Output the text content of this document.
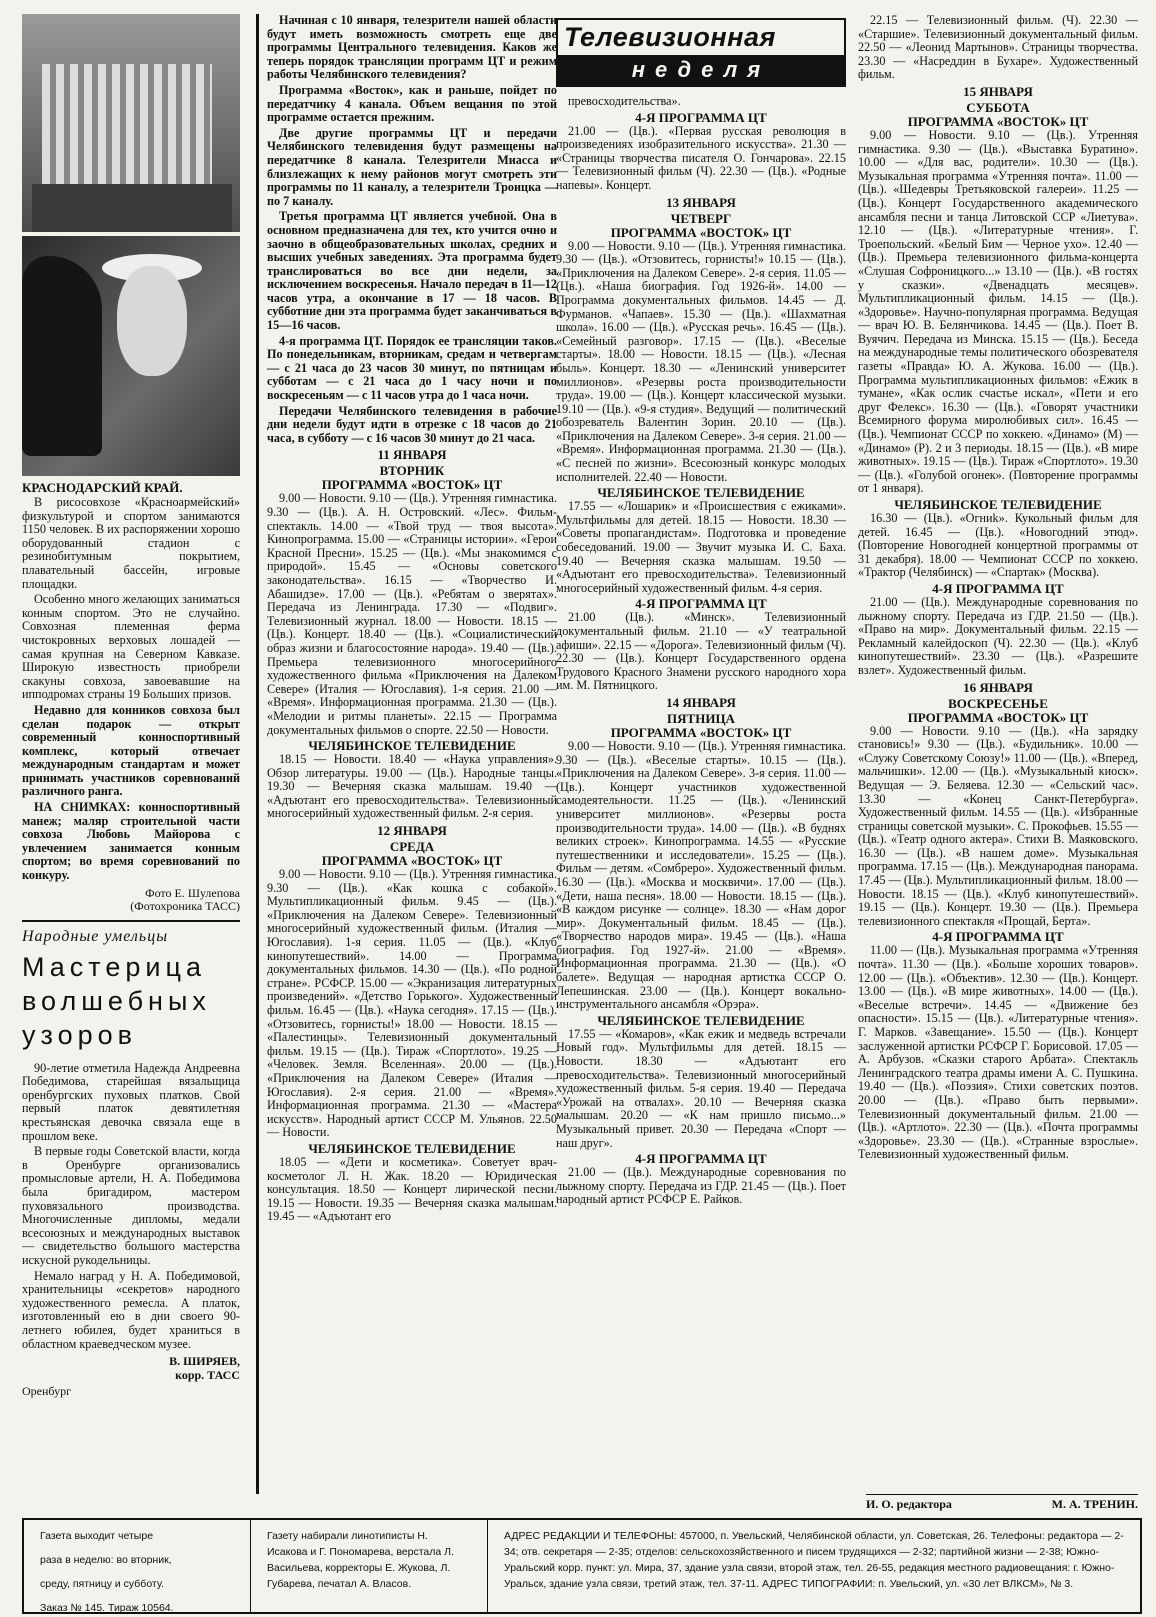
КРАСНОДАРСКИЙ КРАЙ.

В рисосовхозе «Красноармейский» физкультурой и спортом занимаются 1150 человек. В их распоряжении хорошо оборудованный стадион с резинобитумным покрытием, плавательный бассейн, игровые площадки.

Особенно много желающих заниматься конным спортом. Это не случайно. Совхозная племенная ферма чистокровных верховых лошадей — самая крупная на Северном Кавказе. Широкую известность приобрели скакуны совхоза, завоевавшие на ипподромах страны 19 Больших призов.

Недавно для конников совхоза был сделан подарок — открыт современный конноспортивный комплекс, который отвечает международным стандартам и может принимать участников соревнований различного ранга.

НА СНИМКАХ: конноспортивный манеж; маляр строительной части совхоза Любовь Майорова с увлечением занимается конным спортом; во время соревнований по конкуру.

Фото Е. Шулепова
(Фотохроника ТАСС)
Народные умельцы
Мастерица
волшебных
узоров

90-летие отметила Надежда Андреевна Победимова, старейшая вязальщица оренбургских пуховых платков. Свой первый платок девятилетняя крестьянская девочка связала еще в прошлом веке.

В первые годы Советской власти, когда в Оренбурге организовались промысловые артели, Н. А. Победимова была бригадиром, мастером пуховязального производства. Многочисленные дипломы, медали всесоюзных и международных выставок — свидетельство большого мастерства искусной рукодельницы.

Немало наград у Н. А. Победимовой, хранительницы «секретов» народного художественного ремесла. А платок, изготовленный ею в дни своего 90-летнего юбилея, будет храниться в областном краеведческом музее.

В. ШИРЯЕВ,
корр. ТАСС
Оренбург

Начиная с 10 января, телезрители нашей области будут иметь возможность смотреть еще две программы Центрального телевидения. Каков же теперь порядок трансляции программ ЦТ и режим работы Челябинского телевидения?

Программа «Восток», как и раньше, пойдет по передатчику 4 канала. Объем вещания по этой программе остается прежним.

Две другие программы ЦТ и передачи Челябинского телевидения будут размещены на передатчике 8 канала. Телезрители Миасса и близлежащих к нему районов могут смотреть эти программы по 11 каналу, а телезрители Троицка — по 7 каналу.

Третья программа ЦТ является учебной. Она в основном предназначена для тех, кто учится очно и заочно в общеобразовательных школах, средних и высших учебных заведениях. Эта программа будет транслироваться во все дни недели, за исключением воскресенья. Начало передач в 11—12 часов утра, а окончание в 17 — 18 часов. В субботние дни эта программа будет заканчиваться в 15—16 часов.

4-я программа ЦТ. Порядок ее трансляции таков. По понедельникам, вторникам, средам и четвергам — с 21 часа до 23 часов 30 минут, по пятницам и субботам — с 21 часа до 1 часу ночи и по воскресеньям — с 11 часов утра до 1 часа ночи.

Передачи Челябинского телевидения в рабочие дни недели будут идти в отрезке с 18 часов до 21 часа, в субботу — с 16 часов 30 минут до 21 часа.

11 ЯНВАРЯ
ВТОРНИК
ПРОГРАММА «ВОСТОК» ЦТ

9.00 — Новости. 9.10 — (Цв.). Утренняя гимнастика. 9.30 — (Цв.). А. Н. Островский. «Лес». Фильм-спектакль. 14.00 — «Твой труд — твоя высота». Кинопрограмма. 15.00 — «Страницы истории». «Герои Красной Пресни». 15.25 — (Цв.). «Мы знакомимся с природой». 15.45 — «Основы советского законодательства». 16.15 — «Творчество И. Абашидзе». 17.00 — (Цв.). «Ребятам о зверятах». Передача из Ленинграда. 17.30 — «Подвиг». Телевизионный журнал. 18.00 — Новости. 18.15 — (Цв.). Концерт. 18.40 — (Цв.). «Социалистический образ жизни и благосостояние народа». 19.40 — (Цв.). Премьера телевизионного многосерийного художественного фильма «Приключения на Далеком Севере» (Италия — Югославия). 1-я серия. 21.00 — «Время». Информационная программа. 21.30 — (Цв.). «Мелодии и ритмы планеты». 22.15 — Программа документальных фильмов о спорте. 22.50 — Новости.

ЧЕЛЯБИНСКОЕ ТЕЛЕВИДЕНИЕ

18.15 — Новости. 18.40 — «Наука управления». Обзор литературы. 19.00 — (Цв.). Народные танцы. 19.30 — Вечерняя сказка малышам. 19.40 — «Адъютант его превосходительства». Телевизионный многосерийный художественный фильм. 2-я серия.

12 ЯНВАРЯ
СРЕДА
ПРОГРАММА «ВОСТОК» ЦТ

9.00 — Новости. 9.10 — (Цв.). Утренняя гимнастика. 9.30 — (Цв.). «Как кошка с собакой». Мультипликационный фильм. 9.45 — (Цв.). «Приключения на Далеком Севере». Телевизионный многосерийный художественный фильм. (Италия — Югославия). 1-я серия. 11.05 — (Цв.). «Клуб кинопутешествий». 14.00 — Программа документальных фильмов. 14.30 — (Цв.). «По родной стране». РСФСР. 15.00 — «Экранизация литературных произведений». «Детство Горького». Художественный фильм. 16.45 — (Цв.). «Наука сегодня». 17.15 — (Цв.). «Отзовитесь, горнисты!» 18.00 — Новости. 18.15 — «Палестинцы». Телевизионный документальный фильм. 19.15 — (Цв.). Тираж «Спортлото». 19.25 — «Человек. Земля. Вселенная». 20.00 — (Цв.). «Приключения на Далеком Севере» (Италия — Югославия). 2-я серия. 21.00 — «Время». Информационная программа. 21.30 — «Мастера искусств». Народный артист СССР М. Ульянов. 22.50 — Новости.

ЧЕЛЯБИНСКОЕ ТЕЛЕВИДЕНИЕ

18.05 — «Дети и косметика». Советует врач-косметолог Л. Н. Жак. 18.20 — Юридическая консультация. 18.50 — Концерт лирической песни. 19.15 — Новости. 19.35 — Вечерняя сказка малышам. 19.45 — «Адъютант его

Телевизионная
неделя

превосходительства».

4-Я ПРОГРАММА ЦТ

21.00 — (Цв.). «Первая русская революция в произведениях изобразительного искусства». 21.30 — «Страницы творчества писателя О. Гончарова». 22.15 — Телевизионный фильм (Ч). 22.30 — (Цв.). «Родные напевы». Концерт.

13 ЯНВАРЯ
ЧЕТВЕРГ
ПРОГРАММА «ВОСТОК» ЦТ

9.00 — Новости. 9.10 — (Цв.). Утренняя гимнастика. 9.30 — (Цв.). «Отзовитесь, горнисты!» 10.15 — (Цв.). «Приключения на Далеком Севере». 2-я серия. 11.05 — (Цв.). «Наша биография. Год 1926-й». 14.00 — Программа документальных фильмов. 14.45 — Д. Фурманов. «Чапаев». 15.30 — (Цв.). «Шахматная школа». 16.00 — (Цв.). «Русская речь». 16.45 — (Цв.). «Семейный разговор». 17.15 — (Цв.). «Веселые старты». 18.00 — Новости. 18.15 — (Цв.). «Лесная быль». Концерт. 18.30 — «Ленинский университет миллионов». «Резервы роста производительности труда». 19.00 — (Цв.). Концерт классической музыки. 19.10 — (Цв.). «9-я студия». Ведущий — политический обозреватель Валентин Зорин. 20.10 — (Цв.). «Приключения на Далеком Севере». 3-я серия. 21.00 — «Время». Информационная программа. 21.30 — (Цв.). «С песней по жизни». Всесоюзный конкурс молодых исполнителей. 22.40 — Новости.

ЧЕЛЯБИНСКОЕ ТЕЛЕВИДЕНИЕ

17.55 — «Лошарик» и «Происшествия с ежиками». Мультфильмы для детей. 18.15 — Новости. 18.30 — «Советы пропагандистам». Подготовка и проведение собеседований. 19.00 — Звучит музыка И. С. Баха. 19.40 — Вечерняя сказка малышам. 19.50 — «Адъютант его превосходительства». Телевизионный многосерийный художественный фильм. 4-я серия.

4-Я ПРОГРАММА ЦТ

21.00 (Цв.). «Минск». Телевизионный документальный фильм. 21.10 — «У театральной афиши». 22.15 — «Дорога». Телевизионный фильм (Ч). 22.30 — (Цв.). Концерт Государственного ордена Трудового Красного Знамени русского народного хора им. М. Пятницкого.

14 ЯНВАРЯ
ПЯТНИЦА
ПРОГРАММА «ВОСТОК» ЦТ

9.00 — Новости. 9.10 — (Цв.). Утренняя гимнастика. 9.30 — (Цв.). «Веселые старты». 10.15 — (Цв.). «Приключения на Далеком Севере». 3-я серия. 11.00 — (Цв.). Концерт участников художественной самодеятельности. 11.25 — (Цв.). «Ленинский университет миллионов». «Резервы роста производительности труда». 14.00 — (Цв.). «В буднях великих строек». Кинопрограмма. 14.55 — «Русские путешественники и исследователи». 15.25 — (Цв.). Фильм — детям. «Сомбреро». Художественный фильм. 16.30 — (Цв.). «Москва и москвичи». 17.00 — (Цв.). «Дети, наша песня». 18.00 — Новости. 18.15 — (Цв.). «В каждом рисунке — солнце». 18.30 — «Нам дорог мир». Документальный фильм. 18.45 — (Цв.). «Творчество народов мира». 19.45 — (Цв.). «Наша биография. Год 1927-й». 21.00 — «Время». Информационная программа. 21.30 — (Цв.). «О балете». Ведущая — народная артистка СССР О. Лепешинская. 23.00 — (Цв.). Концерт вокально-инструментального ансамбля «Орэра».

ЧЕЛЯБИНСКОЕ ТЕЛЕВИДЕНИЕ

17.55 — «Комаров», «Как ежик и медведь встречали Новый год». Мультфильмы для детей. 18.15 — Новости. 18.30 — «Адъютант его превосходительства». Телевизионный многосерийный художественный фильм. 5-я серия. 19.40 — Передача «Урожай на отвалах». 20.10 — Вечерняя сказка малышам. 20.20 — «К нам пришло письмо...» Музыкальный привет. 20.30 — Передача «Спорт — наш друг».

4-Я ПРОГРАММА ЦТ

21.00 — (Цв.). Международные соревнования по лыжному спорту. Передача из ГДР. 21.45 — (Цв.). Поет народный артист РСФСР Е. Райков.

22.15 — Телевизионный фильм. (Ч). 22.30 — «Старшие». Телевизионный документальный фильм. 22.50 — «Леонид Мартынов». Страницы творчества. 23.30 — «Насреддин в Бухаре». Художественный фильм.

15 ЯНВАРЯ
СУББОТА
ПРОГРАММА «ВОСТОК» ЦТ

9.00 — Новости. 9.10 — (Цв.). Утренняя гимнастика. 9.30 — (Цв.). «Выставка Буратино». 10.00 — «Для вас, родители». 10.30 — (Цв.). Музыкальная программа «Утренняя почта». 11.00 — (Цв.). «Шедевры Третьяковской галереи». 11.25 — (Цв.). Концерт Государственного академического ансамбля песни и танца Литовской ССР «Лиетува». 12.10 — (Цв.). «Литературные чтения». Г. Троепольский. «Белый Бим — Черное ухо». 12.40 — (Цв.). Премьера телевизионного фильма-концерта «Слушая Софроницкого...» 13.10 — (Цв.). «В гостях у сказки». «Двенадцать месяцев». Мультипликационный фильм. 14.15 — (Цв.). «Здоровье». Научно-популярная программа. Ведущая — врач Ю. В. Белянчикова. 14.45 — (Цв.). Поет В. Вуячич. Передача из Минска. 15.15 — (Цв.). Беседа на международные темы политического обозревателя газеты «Правда» Ю. А. Жукова. 16.00 — (Цв.). Программа мультипликационных фильмов: «Ежик в тумане», «Как ослик счастье искал», «Пети и его друг Фелекс». 16.30 — (Цв.). «Говорят участники Всемирного форума миролюбивых сил». 16.45 — (Цв.). Чемпионат СССР по хоккею. «Динамо» (М) — «Динамо» (Р). 2 и 3 периоды. 18.15 — (Цв.). «В мире животных». 19.15 — (Цв.). Тираж «Спортлото». 19.30 — (Цв.). «Голубой огонек». (Повторение программы от 1 января).

ЧЕЛЯБИНСКОЕ ТЕЛЕВИДЕНИЕ

16.30 — (Цв.). «Огниk». Кукольный фильм для детей. 16.45 — (Цв.). «Новогодний этюд». (Повторение Новогодней концертной программы от 31 декабря). 18.00 — Чемпионат СССР по хоккею. «Трактор (Челябинск) — «Спартак» (Москва).

4-Я ПРОГРАММА ЦТ

21.00 — (Цв.). Международные соревнования по лыжному спорту. Передача из ГДР. 21.50 — (Цв.). «Право на мир». Документальный фильм. 22.15 — Рекламный калейдоскоп (Ч). 22.30 — (Цв.). «Клуб кинопутешествий». 23.30 — (Цв.). «Разрешите взлет». Художественный фильм.

16 ЯНВАРЯ
ВОСКРЕСЕНЬЕ
ПРОГРАММА «ВОСТОК» ЦТ

9.00 — Новости. 9.10 — (Цв.). «На зарядку становись!» 9.30 — (Цв.). «Будильник». 10.00 — «Служу Советскому Союзу!» 11.00 — (Цв.). «Вперед, мальчишки». 12.00 — (Цв.). «Музыкальный киоск». Ведущая — Э. Беляева. 12.30 — «Сельский час». 13.30 — «Конец Санкт-Петербурга». Художественный фильм. 14.55 — (Цв.). «Избранные страницы советской музыки». С. Прокофьев. 15.55 — (Цв.). «Театр одного актера». Стихи В. Маяковского. 16.30 — (Цв.). «В нашем доме». Музыкальная программа. 17.15 — (Цв.). Международная панорама. 17.45 — (Цв.). Мультипликационный фильм. 18.00 — Новости. 18.15 — (Цв.). «Клуб кинопутешествий». 19.15 — (Цв.). Концерт. 19.30 — (Цв.). Премьера телевизионного спектакля «Прощай, Берта».

4-Я ПРОГРАММА ЦТ

11.00 — (Цв.). Музыкальная программа «Утренняя почта». 11.30 — (Цв.). «Больше хороших товаров». 12.00 — (Цв.). «Объектив». 12.30 — (Цв.). Концерт. 13.00 — (Цв.). «В мире животных». 14.00 — (Цв.). «Веселые встречи». 14.45 — «Движение без опасности». 15.15 — (Цв.). «Литературные чтения». Г. Марков. «Завещание». 15.50 — (Цв.). Концерт заслуженной артистки РСФСР Г. Борисовой. 17.05 — А. Арбузов. «Сказки старого Арбата». Спектакль Ленинградского театра драмы имени А. С. Пушкина. 19.40 — (Цв.). «Поэзия». Стихи советских поэтов. 20.00 — (Цв.). «Право быть первыми». Телевизионный документальный фильм. 21.00 — (Цв.). «Артлото». 22.30 — (Цв.). «Почта программы «Здоровье». 23.30 — (Цв.). «Странные взрослые». Телевизионный художественный фильм.

И. О. редактора	М. А. ТРЕНИН.
Газета выходит четыре
раза в неделю: во вторник,
среду, пятницу и субботу.
Заказ № 145. Тираж 10564.
Газету набирали линотиписты Н. Исакова и Г. Пономарева, верстала Л. Васильева, корректоры Е. Жукова, Л. Губарева, печатал А. Власов.
АДРЕС РЕДАКЦИИ И ТЕЛЕФОНЫ: 457000, п. Увельский, Челябинской области, ул. Советская, 26. Телефоны: редактора — 2-34; отв. секретаря — 2-35; отделов: сельскохозяйственного и писем трудящихся — 2-32; партийной жизни — 2-38; Южно-Уральский корр. пункт: ул. Мира, 37, здание узла связи, второй этаж, тел. 26-55, редакция местного радиовещания: г. Южно-Уральск, здание узла связи, третий этаж, тел. 37-11. АДРЕС ТИПОГРАФИИ: п. Увельский, ул. «30 лет ВЛКСМ», № 3.
